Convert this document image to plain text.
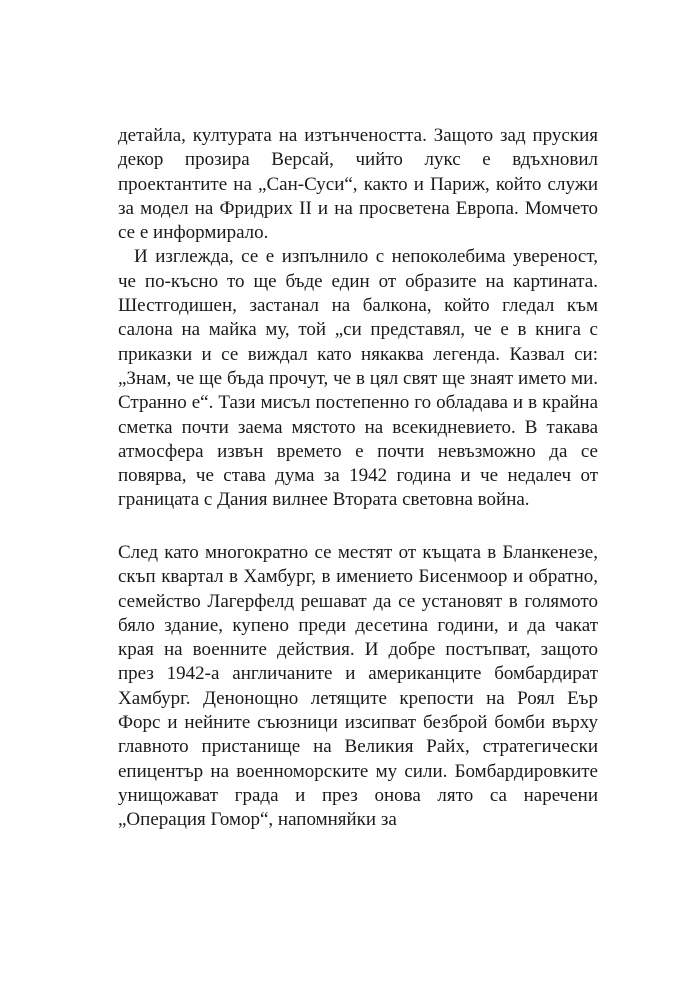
детайла, културата на изтънчеността. Защото зад пруския декор прозира Версай, чийто лукс е вдъхновил проектантите на „Сан-Суси“, както и Париж, който служи за модел на Фридрих II и на просветена Европа. Момчето се е информирало.

И изглежда, се е изпълнило с непоколебима увереност, че по-късно то ще бъде един от образите на картината. Шестгодишен, застанал на балкона, който гледал към салона на майка му, той „си представял, че е в книга с приказки и се виждал като някаква легенда. Казвал си: „Знам, че ще бъда прочут, че в цял свят ще знаят името ми. Странно е“. Тази мисъл постепенно го обладава и в крайна сметка почти заема мястото на всекидневието. В такава атмосфера извън времето е почти невъзможно да се повярва, че става дума за 1942 година и че недалеч от границата с Дания вилнее Втората световна война.

След като многократно се местят от къщата в Бланкенезе, скъп квартал в Хамбург, в имението Бисенмоор и обратно, семейство Лагерфелд решават да се установят в голямото бяло здание, купено преди десетина години, и да чакат края на военните действия. И добре постъпват, защото през 1942-а англичаните и американците бомбардират Хамбург. Денонощно летящите крепости на Роял Еър Форс и нейните съюзници изсипват безброй бомби върху главното пристанище на Великия Райх, стратегически епицентър на военноморските му сили. Бомбардировките унищожават града и през онова лято са наречени „Операция Гомор“, напомняйки за
